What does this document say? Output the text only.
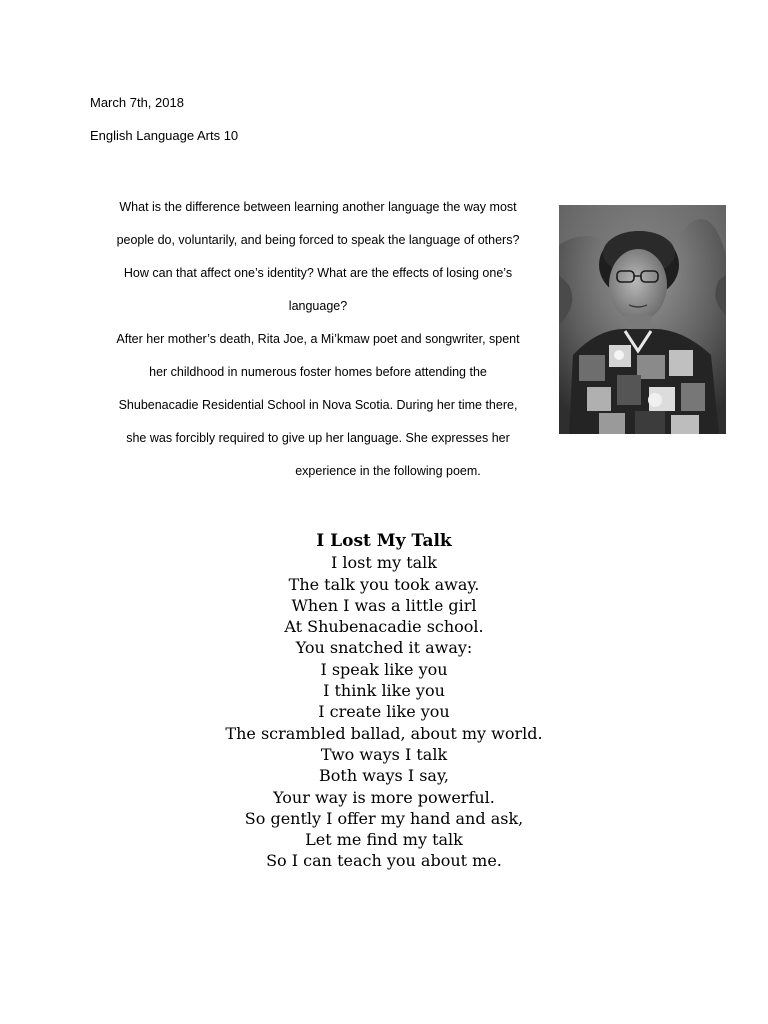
March 7th, 2018

English Language Arts 10

What is the difference between learning another language the way most
people do, voluntarily, and being forced to speak the language of others?
How can that affect one’s identity? What are the effects of losing one’s
language?
After her mother’s death, Rita Joe, a Mi’kmaw poet and songwriter, spent
her childhood in numerous foster homes before attending the
Shubenacadie Residential School in Nova Scotia. During her time there,
she was forcibly required to give up her language. She expresses her
experience in the following poem.

I Lost My Talk
I lost my talk
The talk you took away.
When I was a little girl
At Shubenacadie school.
You snatched it away:
I speak like you
I think like you
I create like you
The scrambled ballad, about my world.
Two ways I talk
Both ways I say,
Your way is more powerful.
So gently I offer my hand and ask,
Let me find my talk
So I can teach you about me.
